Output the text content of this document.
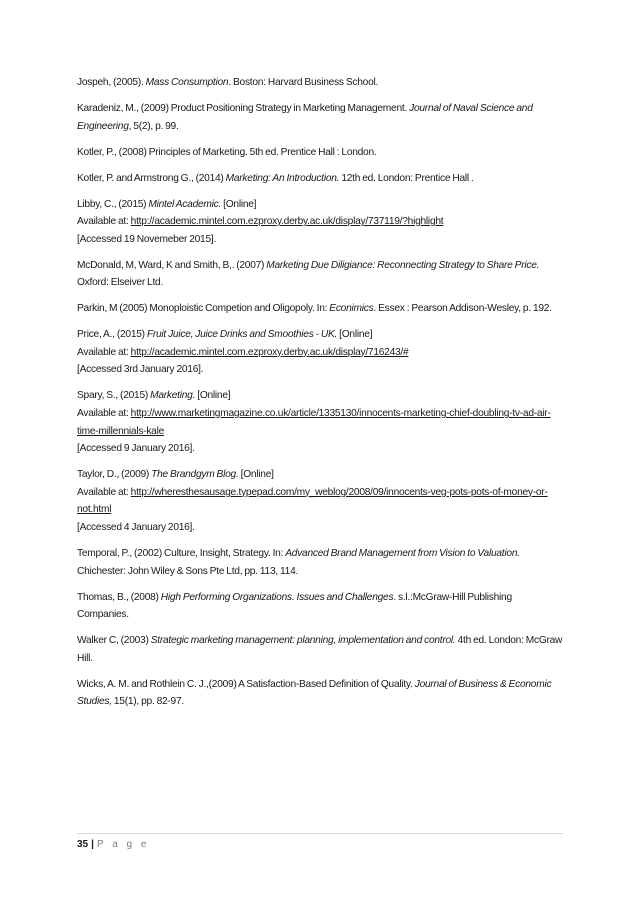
Jospeh, (2005). Mass Consumption. Boston: Harvard Business School.

Karadeniz, M., (2009) Product Positioning Strategy in Marketing Management. Journal of Naval Science and Engineering, 5(2), p. 99.

Kotler, P., (2008) Principles of Marketing. 5th ed. Prentice Hall : London.

Kotler, P. and Armstrong G., (2014) Marketing: An Introduction. 12th ed. London: Prentice Hall .

Libby, C., (2015) Mintel Academic. [Online]
Available at: http://academic.mintel.com.ezproxy.derby.ac.uk/display/737119/?highlight
[Accessed 19 Novemeber 2015].

McDonald, M, Ward, K and Smith, B,. (2007) Marketing Due Diligiance: Reconnecting Strategy to Share Price. Oxford: Elseiver Ltd.

Parkin, M (2005) Monoploistic Competion and Oligopoly. In: Econimics. Essex : Pearson Addison-Wesley, p. 192.

Price, A., (2015) Fruit Juice, Juice Drinks and Smoothies - UK. [Online]
Available at: http://academic.mintel.com.ezproxy.derby.ac.uk/display/716243/#
[Accessed 3rd January 2016].

Spary, S., (2015) Marketing. [Online]
Available at: http://www.marketingmagazine.co.uk/article/1335130/innocents-marketing-chief-doubling-tv-ad-air-time-millennials-kale
[Accessed 9 January 2016].

Taylor, D., (2009) The Brandgym Blog. [Online]
Available at: http://wheresthesausage.typepad.com/my_weblog/2008/09/innocents-veg-pots-pots-of-money-or-not.html
[Accessed 4 January 2016].

Temporal, P., (2002) Culture, Insight, Strategy. In: Advanced Brand Management from Vision to Valuation. Chichester: John Wiley & Sons Pte Ltd, pp. 113, 114.

Thomas, B., (2008) High Performing Organizations. Issues and Challenges. s.l.:McGraw-Hill Publishing Companies.

Walker C, (2003) Strategic marketing management: planning, implementation and control. 4th ed. London: McGraw Hill.

Wicks, A. M. and Rothlein C. J.,(2009) A Satisfaction-Based Definition of Quality. Journal of Business & Economic Studies, 15(1), pp. 82-97.

35 | P a g e
